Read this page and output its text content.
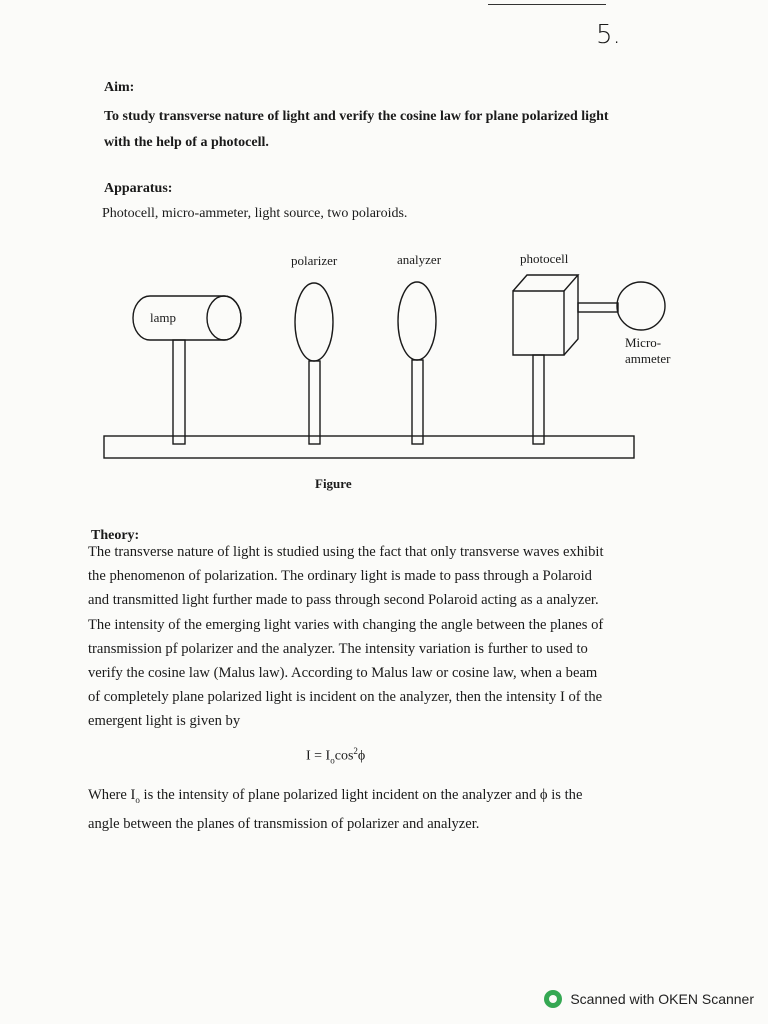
5.
Aim:
To study transverse nature of light and verify the cosine law for plane polarized light with the help of a photocell.
Apparatus:
Photocell, micro-ammeter, light source, two polaroids.
lamp
polarizer	analyzer	photocell
Micro-
ammeter
Figure
Theory:
The transverse nature of light is studied using the fact that only transverse waves exhibit the phenomenon of polarization. The ordinary light is made to pass through a Polaroid and transmitted light further made to pass through second Polaroid acting as a analyzer. The intensity of the emerging light varies with changing the angle between the planes of transmission pf polarizer and the analyzer. The intensity variation is further to used to verify the cosine law (Malus law). According to Malus law or cosine law, when a beam of completely plane polarized light is incident on the analyzer, then the intensity I of the emergent light is given by
$I = I_o\cos^2\phi$
Where $I_o$ is the intensity of plane polarized light incident on the analyzer and ϕ is the angle between the planes of transmission of polarizer and analyzer.
Scanned with OKEN Scanner
